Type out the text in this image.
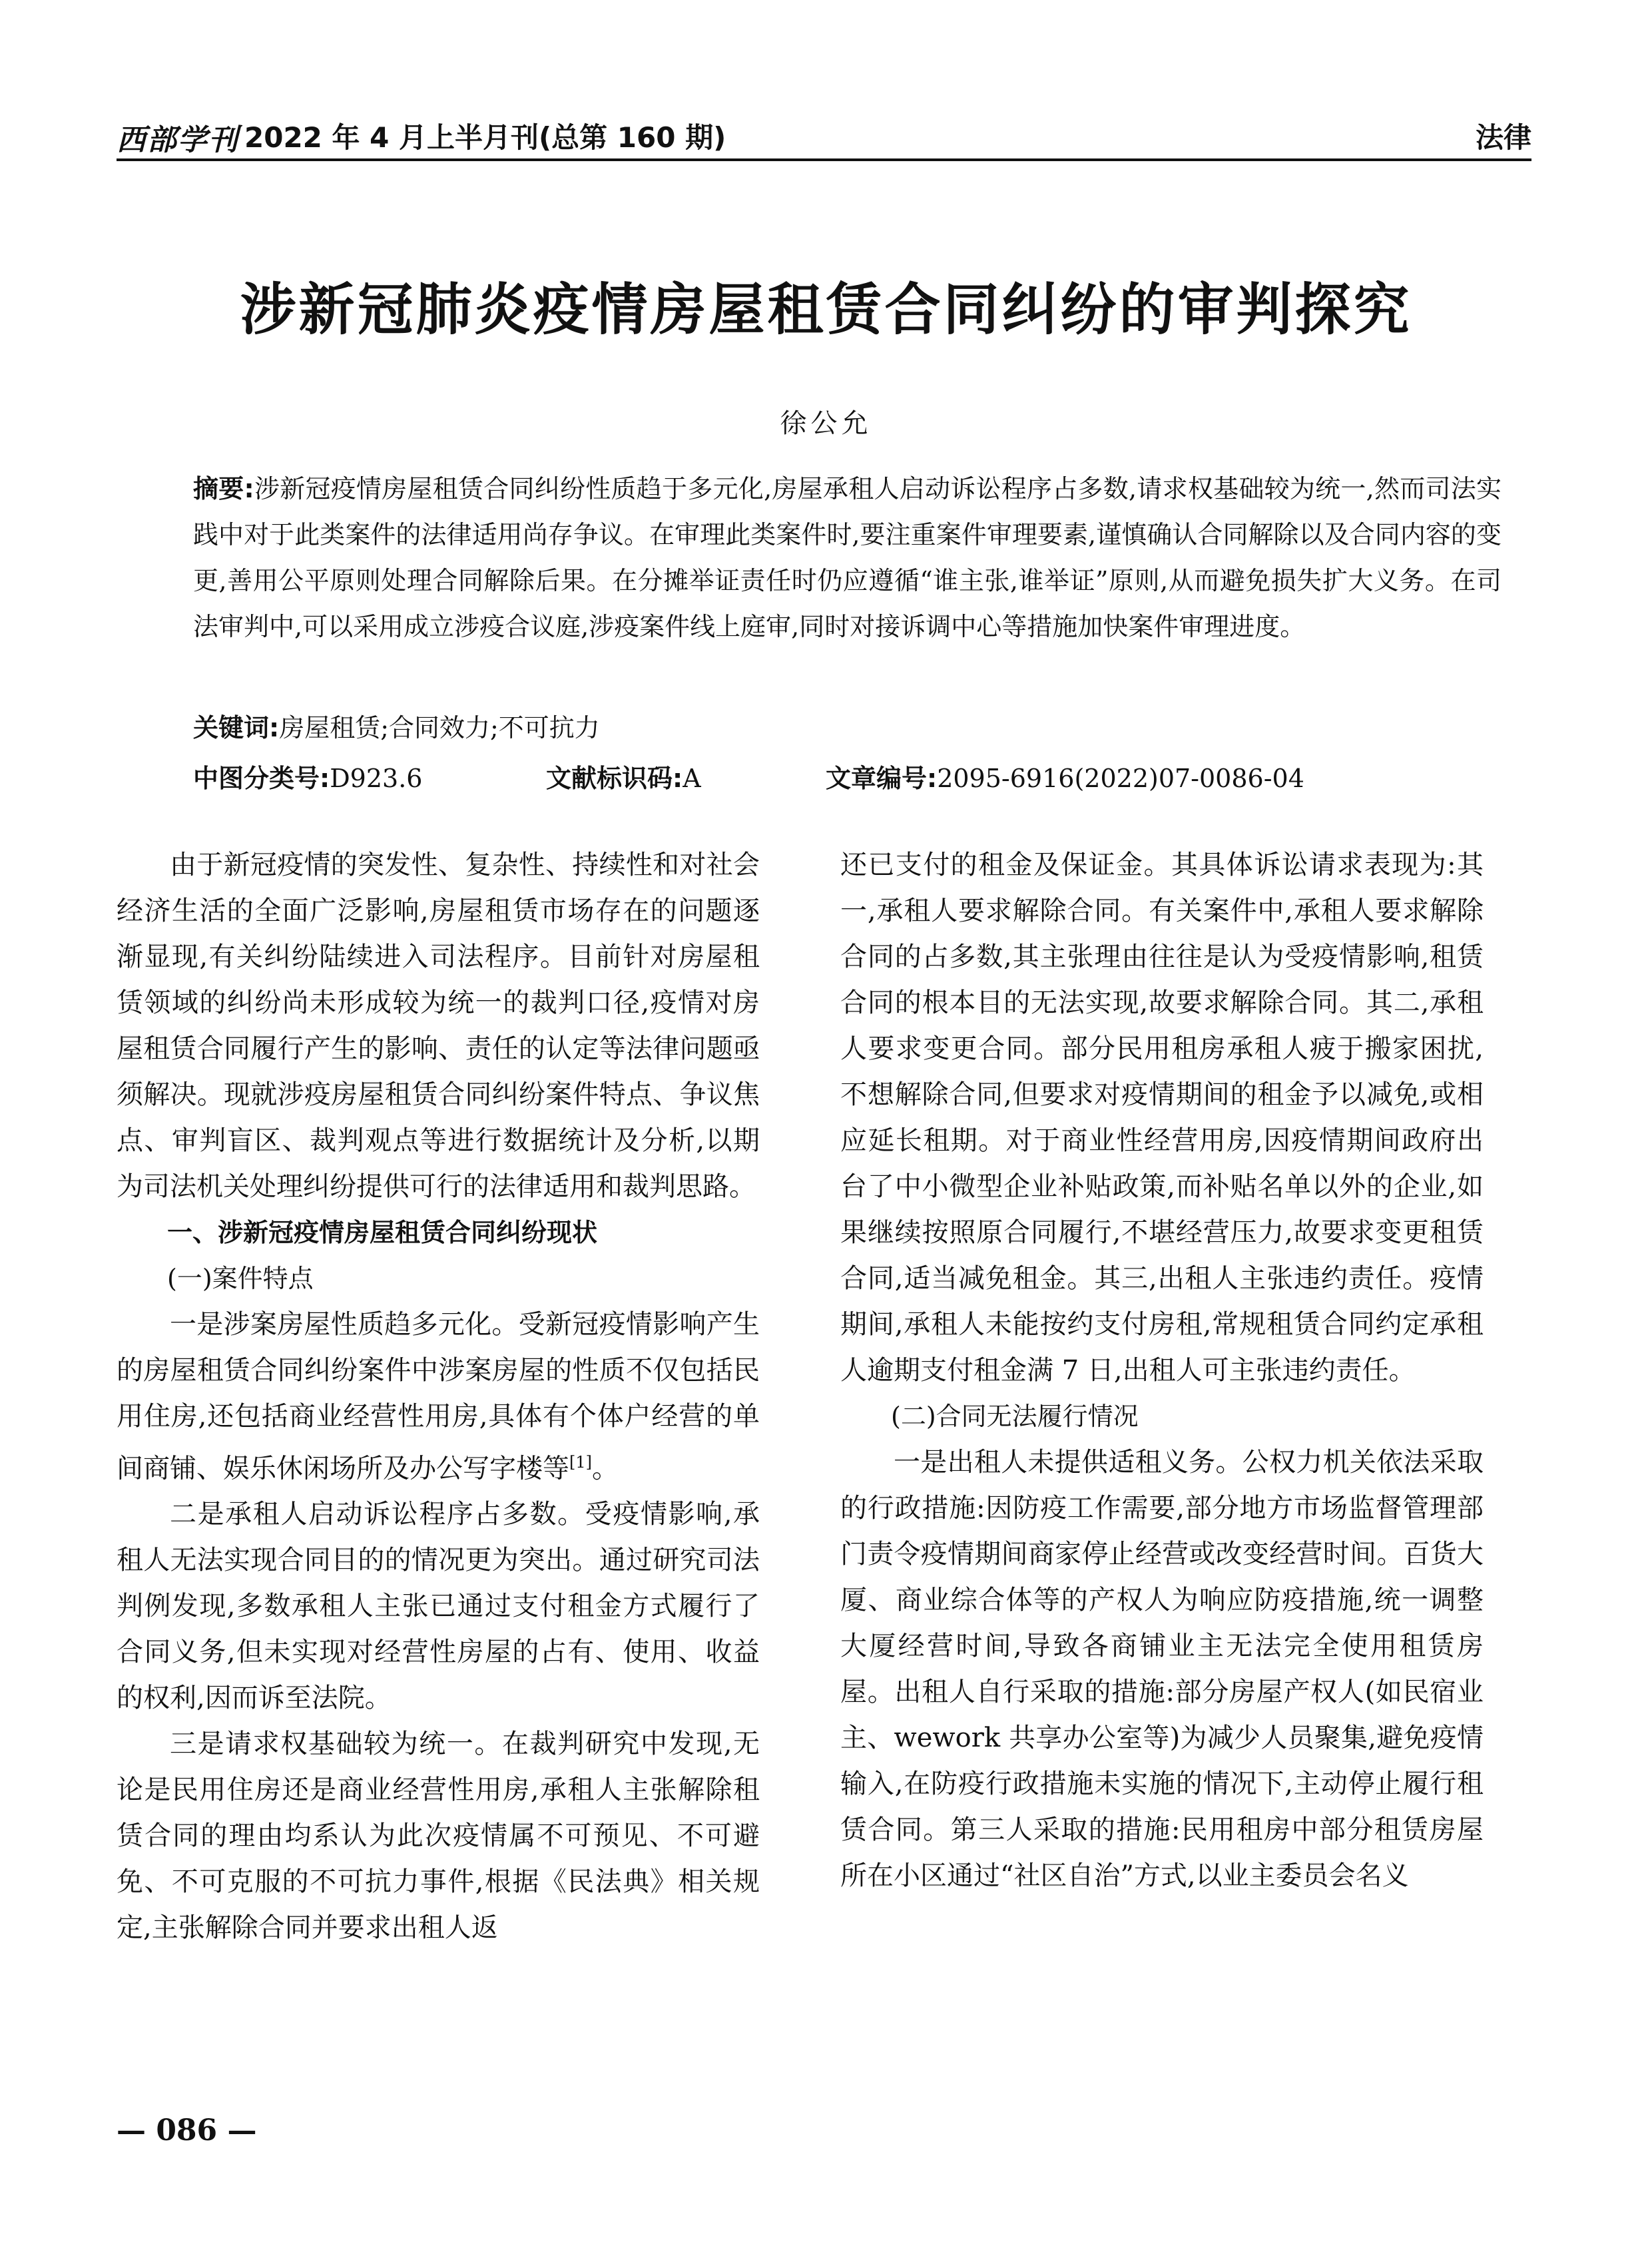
西部学刊 2022 年 4 月上半月刊(总第 160 期)	法律
涉新冠肺炎疫情房屋租赁合同纠纷的审判探究
徐公允
摘要:涉新冠疫情房屋租赁合同纠纷性质趋于多元化,房屋承租人启动诉讼程序占多数,请求权基础较为统一,然而司法实践中对于此类案件的法律适用尚存争议。在审理此类案件时,要注重案件审理要素,谨慎确认合同解除以及合同内容的变更,善用公平原则处理合同解除后果。在分摊举证责任时仍应遵循“谁主张,谁举证”原则,从而避免损失扩大义务。在司法审判中,可以采用成立涉疫合议庭,涉疫案件线上庭审,同时对接诉调中心等措施加快案件审理进度。
关键词:房屋租赁;合同效力;不可抗力
中图分类号:D923.6	文献标识码:A	文章编号:2095-6916(2022)07-0086-04

由于新冠疫情的突发性、复杂性、持续性和对社会经济生活的全面广泛影响,房屋租赁市场存在的问题逐渐显现,有关纠纷陆续进入司法程序。目前针对房屋租赁领域的纠纷尚未形成较为统一的裁判口径,疫情对房屋租赁合同履行产生的影响、责任的认定等法律问题亟须解决。现就涉疫房屋租赁合同纠纷案件特点、争议焦点、审判盲区、裁判观点等进行数据统计及分析,以期为司法机关处理纠纷提供可行的法律适用和裁判思路。

一、涉新冠疫情房屋租赁合同纠纷现状

(一)案件特点

一是涉案房屋性质趋多元化。受新冠疫情影响产生的房屋租赁合同纠纷案件中涉案房屋的性质不仅包括民用住房,还包括商业经营性用房,具体有个体户经营的单间商铺、娱乐休闲场所及办公写字楼等[1]。

二是承租人启动诉讼程序占多数。受疫情影响,承租人无法实现合同目的的情况更为突出。通过研究司法判例发现,多数承租人主张已通过支付租金方式履行了合同义务,但未实现对经营性房屋的占有、使用、收益的权利,因而诉至法院。

三是请求权基础较为统一。在裁判研究中发现,无论是民用住房还是商业经营性用房,承租人主张解除租赁合同的理由均系认为此次疫情属不可预见、不可避免、不可克服的不可抗力事件,根据《民法典》相关规定,主张解除合同并要求出租人返

还已支付的租金及保证金。其具体诉讼请求表现为:其一,承租人要求解除合同。有关案件中,承租人要求解除合同的占多数,其主张理由往往是认为受疫情影响,租赁合同的根本目的无法实现,故要求解除合同。其二,承租人要求变更合同。部分民用租房承租人疲于搬家困扰,不想解除合同,但要求对疫情期间的租金予以减免,或相应延长租期。对于商业性经营用房,因疫情期间政府出台了中小微型企业补贴政策,而补贴名单以外的企业,如果继续按照原合同履行,不堪经营压力,故要求变更租赁合同,适当减免租金。其三,出租人主张违约责任。疫情期间,承租人未能按约支付房租,常规租赁合同约定承租人逾期支付租金满 7 日,出租人可主张违约责任。

(二)合同无法履行情况

一是出租人未提供适租义务。公权力机关依法采取的行政措施:因防疫工作需要,部分地方市场监督管理部门责令疫情期间商家停止经营或改变经营时间。百货大厦、商业综合体等的产权人为响应防疫措施,统一调整大厦经营时间,导致各商铺业主无法完全使用租赁房屋。出租人自行采取的措施:部分房屋产权人(如民宿业主、wework 共享办公室等)为减少人员聚集,避免疫情输入,在防疫行政措施未实施的情况下,主动停止履行租赁合同。第三人采取的措施:民用租房中部分租赁房屋所在小区通过“社区自治”方式,以业主委员会名义

— 086 —
